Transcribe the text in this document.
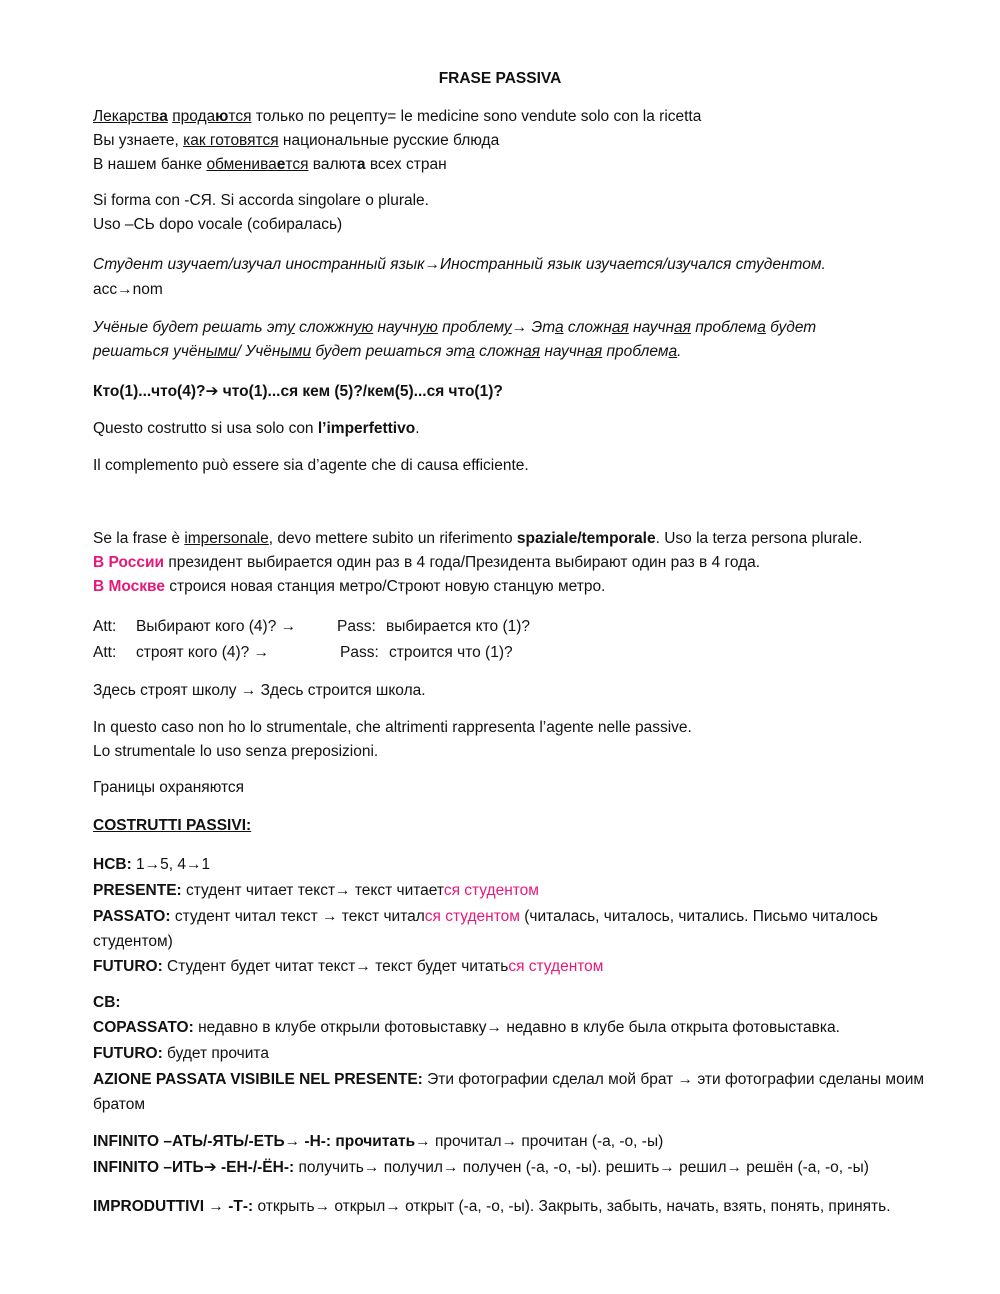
FRASE PASSIVA
Лекарства продаются только по рецепту= le medicine sono vendute solo con la ricetta
Вы узнаете, как готовятся национальные русские блюда
В нашем банке обменивается валюта всех стран
Si forma con -СЯ. Si accorda singolare o plurale.
Uso –СЬ dopo vocale (собиралась)
Студент изучает/изучал иностранный язык→Иностранный язык изучается/изучался студентом.
acc→nom
Учёные будет решать эту сложжную научную проблему→ Эта сложная научная проблема будет
решаться учёными/ Учёными будет решаться эта сложная научная проблема.
Кто(1)...что(4)?➔ что(1)...ся кем (5)?/кем(5)...ся что(1)?
Questo costrutto si usa solo con l’imperfettivo.
Il complemento può essere sia d’agente che di causa efficiente.
Se la frase è impersonale, devo mettere subito un riferimento spaziale/temporale. Uso la terza persona plurale.
В России президент выбирается один раз в 4 года/Президента выбирают один раз в 4 года.
В Москве строися новая станция метро/Строют новую станцую метро.
Att: Выбирают кого (4)? →	Pass: выбирается кто (1)?
Att: строят кого (4)? →	Pass: строится что (1)?
Здесь строят школу → Здесь строится школа.
In questo caso non ho lo strumentale, che altrimenti rappresenta l’agente nelle passive.
Lo strumentale lo uso senza preposizioni.
Границы охраняются
COSTRUTTI PASSIVI:
НСВ: 1→5, 4→1
PRESENTE: студент читает текст→ текст читается студентом
PASSATO: студент читал текст → текст читался студентом (читалась, читалось, читались. Письмо читалось
студентом)
FUTURO: Студент будет читат текст→ текст будет читаться студентом
СВ:
COPASSATO: недавно в клубе открыли фотовыставку→ недавно в клубе была открыта фотовыставка.
FUTURO: будет прочита
AZIONE PASSATA VISIBILE NEL PRESENTE: Эти фотографии сделал мой брат → эти фотографии сделаны моим
братом
INFINITO –АТЬ/-ЯТЬ/-ЕТЬ→ -Н-: прочитать→ прочитал→ прочитан (-а, -о, -ы)
INFINITO –ИТЬ➔ -ЕН-/-ЁН-: получить→ получил→ получен (-а, -о, -ы). решить→ решил→ решён (-а, -о, -ы)
IMPRODUTTIVI → -Т-: открыть→ открыл→ открыт (-а, -о, -ы). Закрыть, забыть, начать, взять, понять, принять.
